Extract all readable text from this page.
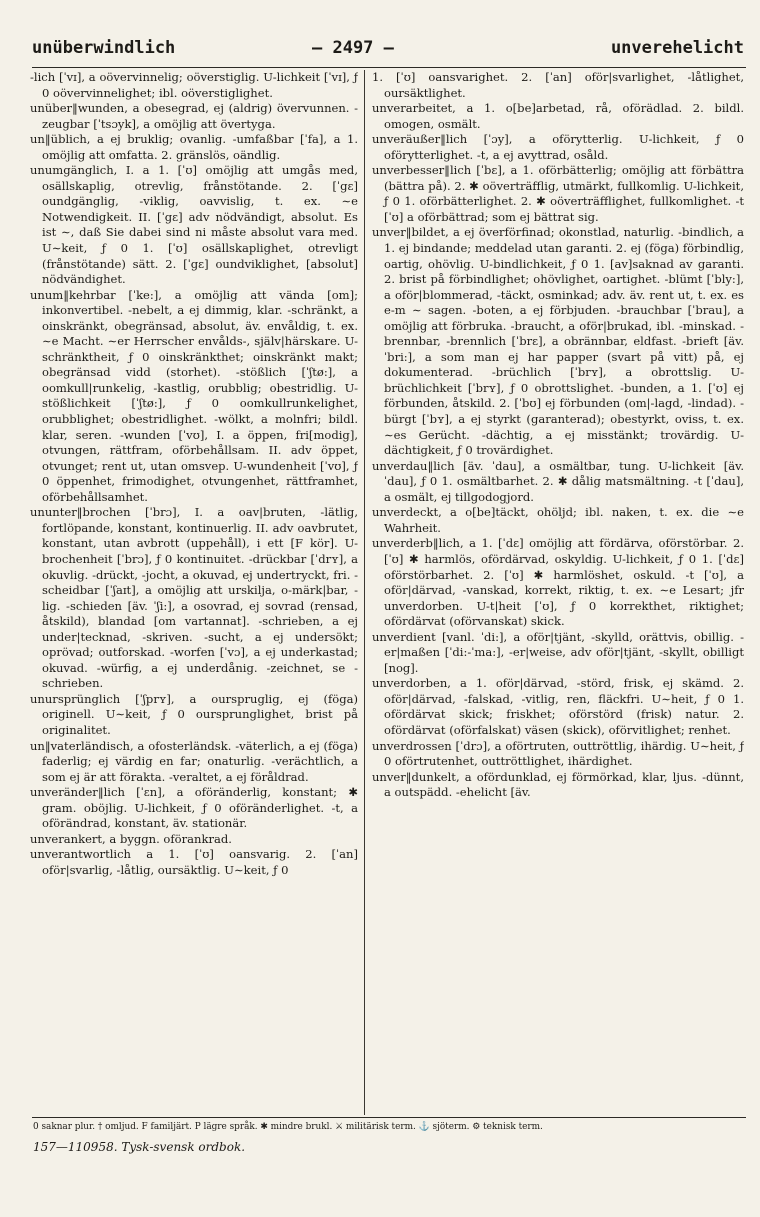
unüberwindlich	— 2497 —	unverehelicht

-lich [ˈvɪ], a oövervinnelig; oöverstiglig. U-lichkeit [ˈvɪ], ƒ 0 oövervinnelighet; ibl. oöverstiglighet.

unüber‖wunden, a obesegrad, ej (aldrig) övervunnen. -zeugbar [ˈtsɔyk], a omöjlig att övertyga.

un‖üblich, a ej bruklig; ovanlig. -umfaßbar [ˈfa], a 1. omöjlig att omfatta. 2. gränslös, oändlig.

unumgänglich, I. a 1. [ˈʊ] omöjlig att umgås med, osällskaplig, otrevlig, frånstötande. 2. [ˈgɛ] oundgänglig, -viklig, oavvislig, t. ex. ∼e Notwendigkeit. II. [ˈgɛ] adv nödvändigt, absolut. Es ist ∼, daß Sie dabei sind ni måste absolut vara med. U∼keit, ƒ 0 1. [ˈʊ] osällskaplighet, otrevligt (frånstötande) sätt. 2. [ˈgɛ] oundviklighet, [absolut] nödvändighet.

unum‖kehrbar [ˈke:], a omöjlig att vända [om]; inkonvertibel. -nebelt, a ej dimmig, klar. -schränkt, a oinskränkt, obegränsad, absolut, äv. envåldig, t. ex. ∼e Macht. ∼er Herrscher envålds-, själv|härskare. U-schränktheit, ƒ 0 oinskränkthet; oinskränkt makt; obegränsad vidd (storhet). -stößlich [ˈʃtø:], a oomkull|runkelig, -kastlig, orubblig; obestridlig. U-stößlichkeit [ˈʃtø:], ƒ 0 oomkullrunkelighet, orubblighet; obestridlighet. -wölkt, a molnfri; bildl. klar, seren. -wunden [ˈvʊ], I. a öppen, fri[modig], otvungen, rättfram, oförbehållsam. II. adv öppet, otvunget; rent ut, utan omsvep. U-wundenheit [ˈvʊ], ƒ 0 öppenhet, frimodighet, otvungenhet, rättframhet, oförbehållsamhet.

ununter‖brochen [ˈbrɔ], I. a oav|bruten, -lätlig, fortlöpande, konstant, kontinuerlig. II. adv oavbrutet, konstant, utan avbrott (uppehåll), i ett [F kör]. U-brochenheit [ˈbrɔ], ƒ 0 kontinuitet. -drückbar [ˈdrʏ], a okuvlig. -drückt, -jocht, a okuvad, ej undertryckt, fri. -scheidbar [ˈʃaɪt], a omöjlig att urskilja, o-märk|bar, -lig. -schieden [äv. ˈʃi:], a osovrad, ej sovrad (rensad, åtskild), blandad [om vartannat]. -schrieben, a ej under|tecknad, -skriven. -sucht, a ej undersökt; oprövad; outforskad. -worfen [ˈvɔ], a ej underkastad; okuvad. -würfig, a ej underdånig. -zeichnet, se -schrieben.

unursprünglich [ˈʃprʏ], a ourspruglig, ej (föga) originell. U∼keit, ƒ 0 oursprunglighet, brist på originalitet.

un‖vaterländisch, a ofosterländsk. -väterlich, a ej (föga) faderlig; ej värdig en far; onaturlig. -verächtlich, a som ej är att förakta. -veraltet, a ej föråldrad.

unveränder‖lich [ˈɛn], a oföränderlig, konstant; ✱ gram. oböjlig. U-lichkeit, ƒ 0 oföränderlighet. -t, a oförändrad, konstant, äv. stationär.

unverankert, a byggn. oförankrad.

unverantwortlich a 1. [ˈʊ] oansvarig. 2. [ˈan] oför|svarlig, -låtlig, oursäktlig. U∼keit, ƒ 0

1. [ˈʊ] oansvarighet. 2. [ˈan] oför|svarlighet, -låtlighet, oursäktlighet.

unverarbeitet, a 1. o[be]arbetad, rå, oförädlad. 2. bildl. omogen, osmält.

unveräußer‖lich [ˈɔy], a oförytterlig. U-lichkeit, ƒ 0 oförytterlighet. -t, a ej avyttrad, osåld.

unverbesser‖lich [ˈbɛ], a 1. oförbätterlig; omöjlig att förbättra (bättra på). 2. ✱ oöverträfflig, utmärkt, fullkomlig. U-lichkeit, ƒ 0 1. oförbätterlighet. 2. ✱ oöverträfflighet, fullkomlighet. -t [ˈʊ] a oförbättrad; som ej bättrat sig.

unver‖bildet, a ej överförfinad; okonstlad, naturlig. -bindlich, a 1. ej bindande; meddelad utan garanti. 2. ej (föga) förbindlig, oartig, ohövlig. U-bindlichkeit, ƒ 0 1. [av]saknad av garanti. 2. brist på förbindlighet; ohövlighet, oartighet. -blümt [ˈbly:], a oför|blommerad, -täckt, osminkad; adv. äv. rent ut, t. ex. es e-m ∼ sagen. -boten, a ej förbjuden. -brauchbar [ˈbrau], a omöjlig att förbruka. -braucht, a oför|brukad, ibl. -minskad. -brennbar, -brennlich [ˈbrɛ], a obrännbar, eldfast. -brieft [äv. ˈbri:], a som man ej har papper (svart på vitt) på, ej dokumenterad. -brüchlich [ˈbrʏ], a obrottslig. U-brüchlichkeit [ˈbrʏ], ƒ 0 obrottslighet. -bunden, a 1. [ˈʊ] ej förbunden, åtskild. 2. [ˈbʊ] ej förbunden (om|-lagd, -lindad). -bürgt [ˈbʏ], a ej styrkt (garanterad); obestyrkt, oviss, t. ex. ∼es Gerücht. -dächtig, a ej misstänkt; trovärdig. U-dächtigkeit, ƒ 0 trovärdighet.

unverdau‖lich [äv. ˈdau], a osmältbar, tung. U-lichkeit [äv. ˈdau], ƒ 0 1. osmältbarhet. 2. ✱ dålig matsmältning. -t [ˈdau], a osmält, ej tillgodogjord.

unverdeckt, a o[be]täckt, ohöljd; ibl. naken, t. ex. die ∼e Wahrheit.

unverderb‖lich, a 1. [ˈdɛ] omöjlig att fördärva, oförstörbar. 2. [ˈʊ] ✱ harmlös, ofördärvad, oskyldig. U-lichkeit, ƒ 0 1. [ˈdɛ] oförstörbarhet. 2. [ˈʊ] ✱ harmlöshet, oskuld. -t [ˈʊ], a oför|därvad, -vanskad, korrekt, riktig, t. ex. ∼e Lesart; jfr unverdorben. U-t|heit [ˈʊ], ƒ 0 korrekthet, riktighet; ofördärvat (oförvanskat) skick.

unverdient [vanl. ˈdi:], a oför|tjänt, -skylld, orättvis, obillig. -er|maßen [ˈdi:-ˈma:], -er|weise, adv oför|tjänt, -skyllt, obilligt [nog].

unverdorben, a 1. oför|därvad, -störd, frisk, ej skämd. 2. oför|därvad, -falskad, -vitlig, ren, fläckfri. U∼heit, ƒ 0 1. ofördärvat skick; friskhet; oförstörd (frisk) natur. 2. ofördärvat (oförfalskat) väsen (skick), oförvitlighet; renhet.

unverdrossen [ˈdrɔ], a oförtruten, outtröttlig, ihärdig. U∼heit, ƒ 0 oförtrutenhet, outtröttlighet, ihärdighet.

unver‖dunkelt, a ofördunklad, ej förmörkad, klar, ljus. -dünnt, a outspädd. -ehelicht [äv.

0 saknar plur. † omljud. F familjärt. P lägre språk. ✱ mindre brukl. ⚔ militärisk term. ⚓ sjöterm. ⚙ teknisk term.
157—110958. Tysk-svensk ordbok.
